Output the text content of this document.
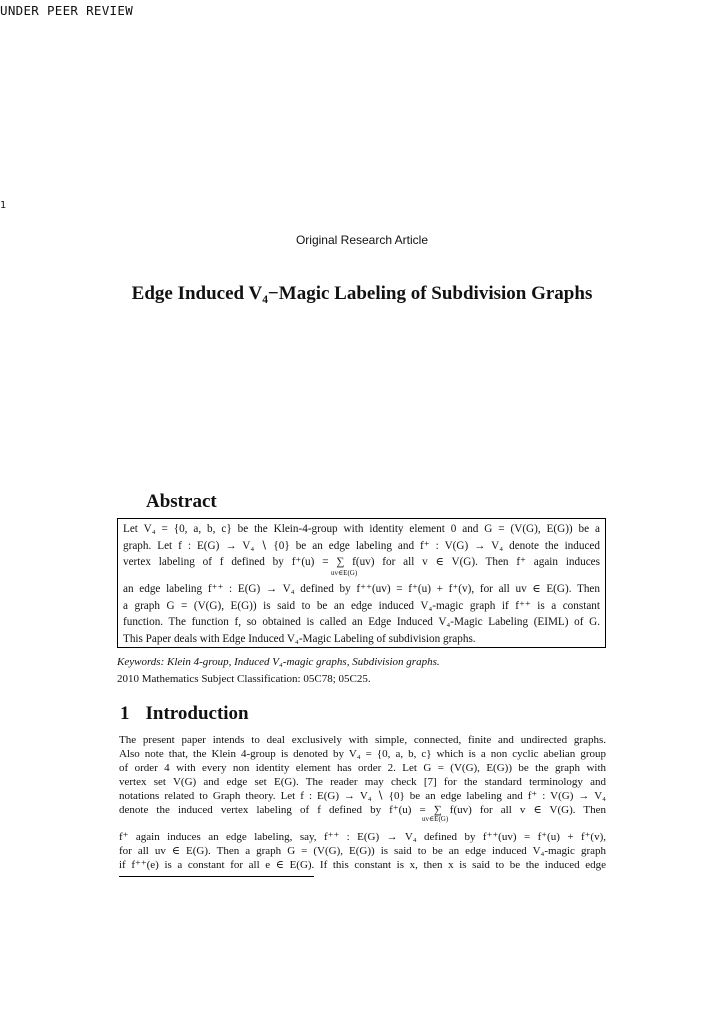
UNDER PEER REVIEW
1
Original Research Article
Edge Induced V₄−Magic Labeling of Subdivision Graphs
Abstract
Let V₄ = {0, a, b, c} be the Klein-4-group with identity element 0 and G = (V(G), E(G)) be a
graph. Let f : E(G) → V₄ ∖ {0} be an edge labeling and f⁺ : V(G) → V₄ denote the induced
vertex labeling of f defined by f⁺(u) = ∑ f(uv) for all v ∈ V(G). Then f⁺ again induces
uv∈E(G)
an edge labeling f⁺⁺ : E(G) → V₄ defined by f⁺⁺(uv) = f⁺(u) + f⁺(v), for all uv ∈ E(G). Then
a graph G = (V(G), E(G)) is said to be an edge induced V₄-magic graph if f⁺⁺ is a constant
function. The function f, so obtained is called an Edge Induced V₄-Magic Labeling (EIML) of G.
This Paper deals with Edge Induced V₄-Magic Labeling of subdivision graphs.
Keywords: Klein 4-group, Induced V₄-magic graphs, Subdivision graphs.
2010 Mathematics Subject Classification: 05C78; 05C25.
1 Introduction
The present paper intends to deal exclusively with simple, connected, finite and undirected graphs.
Also note that, the Klein 4-group is denoted by V₄ = {0, a, b, c} which is a non cyclic abelian group
of order 4 with every non identity element has order 2. Let G = (V(G), E(G)) be the graph with
vertex set V(G) and edge set E(G). The reader may check [7] for the standard terminology and
notations related to Graph theory. Let f : E(G) → V₄ ∖ {0} be an edge labeling and f⁺ : V(G) → V₄
denote the induced vertex labeling of f defined by f⁺(u) = ∑ f(uv) for all v ∈ V(G). Then
uv∈E(G)
f⁺ again induces an edge labeling, say, f⁺⁺ : E(G) → V₄ defined by f⁺⁺(uv) = f⁺(u) + f⁺(v),
for all uv ∈ E(G). Then a graph G = (V(G), E(G)) is said to be an edge induced V₄-magic graph
if f⁺⁺(e) is a constant for all e ∈ E(G). If this constant is x, then x is said to be the induced edge
